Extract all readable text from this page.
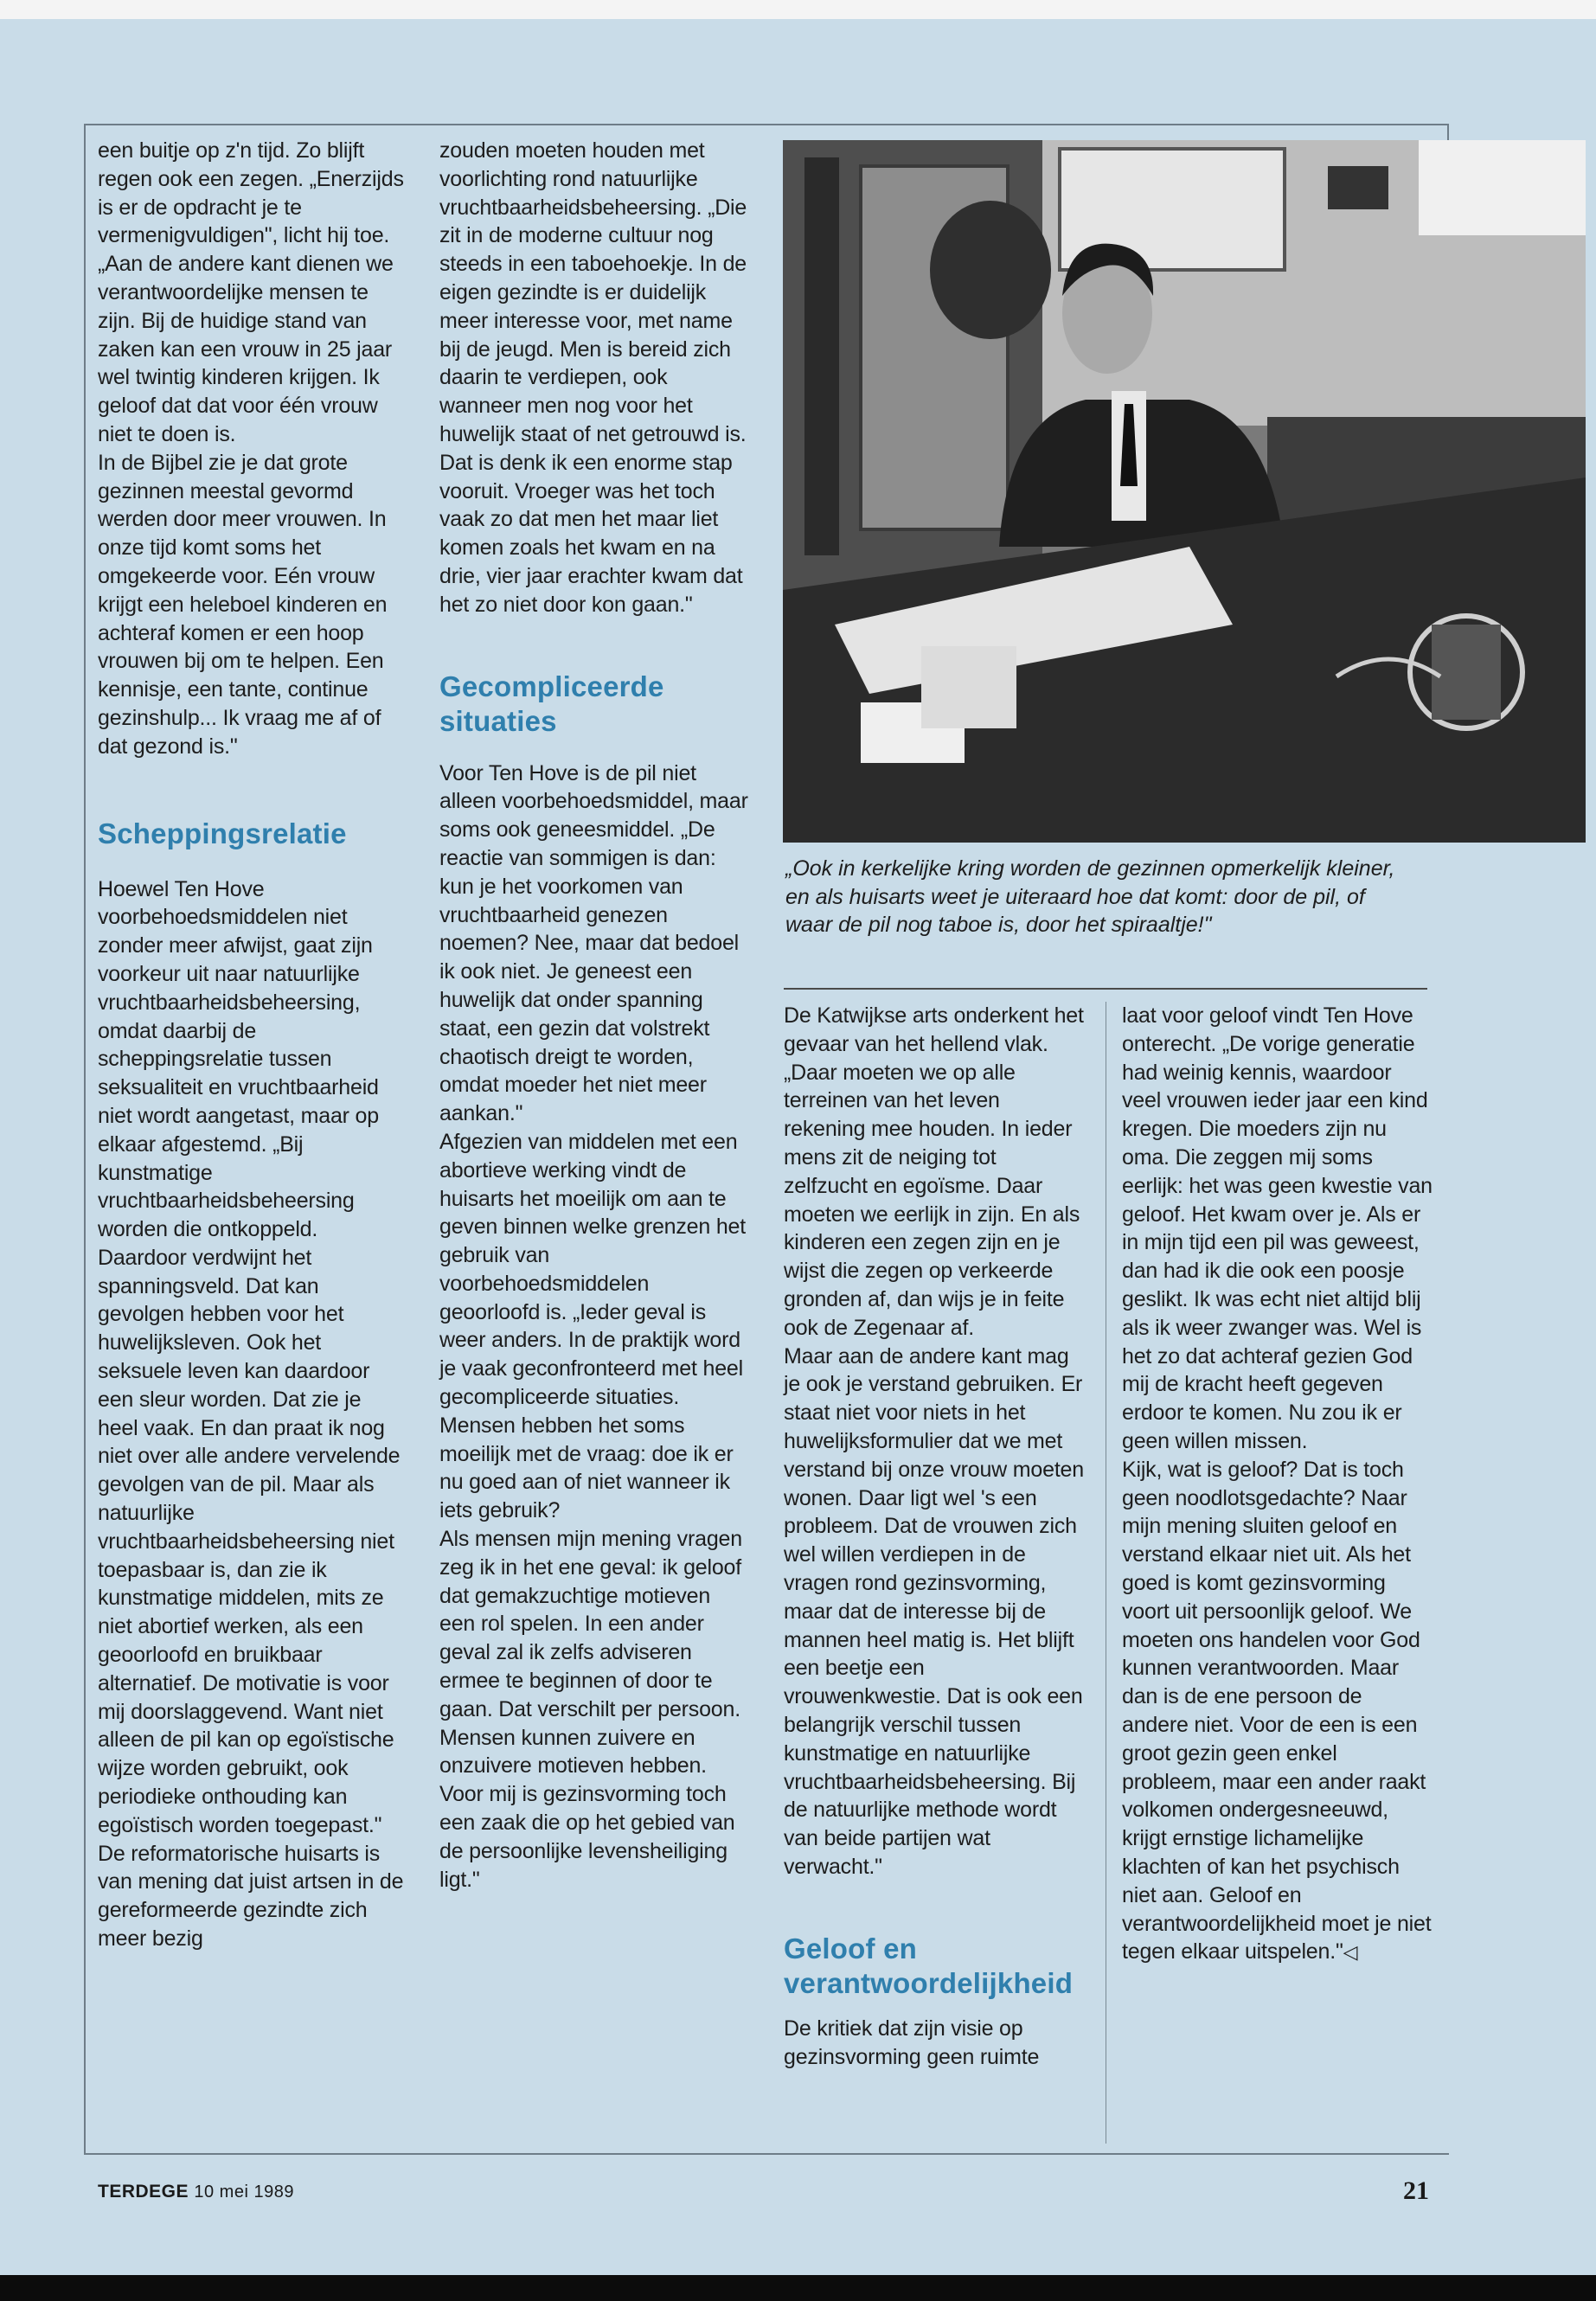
een buitje op z'n tijd. Zo blijft regen ook een zegen. „Enerzijds is er de opdracht je te vermenigvuldigen", licht hij toe. „Aan de andere kant dienen we verantwoordelijke mensen te zijn. Bij de huidige stand van zaken kan een vrouw in 25 jaar wel twintig kinderen krijgen. Ik geloof dat dat voor één vrouw niet te doen is.

In de Bijbel zie je dat grote gezinnen meestal gevormd werden door meer vrouwen. In onze tijd komt soms het omgekeerde voor. Eén vrouw krijgt een heleboel kinderen en achteraf komen er een hoop vrouwen bij om te helpen. Een kennisje, een tante, continue gezinshulp... Ik vraag me af of dat gezond is."

Scheppingsrelatie

Hoewel Ten Hove voorbehoedsmiddelen niet zonder meer afwijst, gaat zijn voorkeur uit naar natuurlijke vruchtbaarheidsbeheersing, omdat daarbij de scheppingsrelatie tussen seksualiteit en vruchtbaarheid niet wordt aangetast, maar op elkaar afgestemd. „Bij kunstmatige vruchtbaarheidsbeheersing worden die ontkoppeld. Daardoor verdwijnt het spanningsveld. Dat kan gevolgen hebben voor het huwelijksleven. Ook het seksuele leven kan daardoor een sleur worden. Dat zie je heel vaak. En dan praat ik nog niet over alle andere vervelende gevolgen van de pil. Maar als natuurlijke vruchtbaarheidsbeheersing niet toepasbaar is, dan zie ik kunstmatige middelen, mits ze niet abortief werken, als een geoorloofd en bruikbaar alternatief. De motivatie is voor mij doorslaggevend. Want niet alleen de pil kan op egoïstische wijze worden gebruikt, ook periodieke onthouding kan egoïstisch worden toegepast."

De reformatorische huisarts is van mening dat juist artsen in de gereformeerde gezindte zich meer bezig

zouden moeten houden met voorlichting rond natuurlijke vruchtbaarheidsbeheersing. „Die zit in de moderne cultuur nog steeds in een taboehoekje. In de eigen gezindte is er duidelijk meer interesse voor, met name bij de jeugd. Men is bereid zich daarin te verdiepen, ook wanneer men nog voor het huwelijk staat of net getrouwd is. Dat is denk ik een enorme stap vooruit. Vroeger was het toch vaak zo dat men het maar liet komen zoals het kwam en na drie, vier jaar erachter kwam dat het zo niet door kon gaan."

Gecompliceerde situaties

Voor Ten Hove is de pil niet alleen voorbehoedsmiddel, maar soms ook geneesmiddel. „De reactie van sommigen is dan: kun je het voorkomen van vruchtbaarheid genezen noemen? Nee, maar dat bedoel ik ook niet. Je geneest een huwelijk dat onder spanning staat, een gezin dat volstrekt chaotisch dreigt te worden, omdat moeder het niet meer aankan."

Afgezien van middelen met een abortieve werking vindt de huisarts het moeilijk om aan te geven binnen welke grenzen het gebruik van voorbehoedsmiddelen geoorloofd is. „Ieder geval is weer anders. In de praktijk word je vaak geconfronteerd met heel gecompliceerde situaties. Mensen hebben het soms moeilijk met de vraag: doe ik er nu goed aan of niet wanneer ik iets gebruik?

Als mensen mijn mening vragen zeg ik in het ene geval: ik geloof dat gemakzuchtige motieven een rol spelen. In een ander geval zal ik zelfs adviseren ermee te beginnen of door te gaan. Dat verschilt per persoon. Mensen kunnen zuivere en onzuivere motieven hebben. Voor mij is gezinsvorming toch een zaak die op het gebied van de persoonlijke levensheiliging ligt."

„Ook in kerkelijke kring worden de gezinnen opmerkelijk kleiner, en als huisarts weet je uiteraard hoe dat komt: door de pil, of waar de pil nog taboe is, door het spiraaltje!"

De Katwijkse arts onderkent het gevaar van het hellend vlak. „Daar moeten we op alle terreinen van het leven rekening mee houden. In ieder mens zit de neiging tot zelfzucht en egoïsme. Daar moeten we eerlijk in zijn. En als kinderen een zegen zijn en je wijst die zegen op verkeerde gronden af, dan wijs je in feite ook de Zegenaar af.

Maar aan de andere kant mag je ook je verstand gebruiken. Er staat niet voor niets in het huwelijksformulier dat we met verstand bij onze vrouw moeten wonen. Daar ligt wel 's een probleem. Dat de vrouwen zich wel willen verdiepen in de vragen rond gezinsvorming, maar dat de interesse bij de mannen heel matig is. Het blijft een beetje een vrouwenkwestie. Dat is ook een belangrijk verschil tussen kunstmatige en natuurlijke vruchtbaarheidsbeheersing. Bij de natuurlijke methode wordt van beide partijen wat verwacht."

Geloof en verantwoordelijkheid

De kritiek dat zijn visie op gezinsvorming geen ruimte

laat voor geloof vindt Ten Hove onterecht. „De vorige generatie had weinig kennis, waardoor veel vrouwen ieder jaar een kind kregen. Die moeders zijn nu oma. Die zeggen mij soms eerlijk: het was geen kwestie van geloof. Het kwam over je. Als er in mijn tijd een pil was geweest, dan had ik die ook een poosje geslikt. Ik was echt niet altijd blij als ik weer zwanger was. Wel is het zo dat achteraf gezien God mij de kracht heeft gegeven erdoor te komen. Nu zou ik er geen willen missen.

Kijk, wat is geloof? Dat is toch geen noodlotsgedachte? Naar mijn mening sluiten geloof en verstand elkaar niet uit. Als het goed is komt gezinsvorming voort uit persoonlijk geloof. We moeten ons handelen voor God kunnen verantwoorden. Maar dan is de ene persoon de andere niet. Voor de een is een groot gezin geen enkel probleem, maar een ander raakt volkomen ondergesneeuwd, krijgt ernstige lichamelijke klachten of kan het psychisch niet aan. Geloof en verantwoordelijkheid moet je niet tegen elkaar uitspelen."◁

TERDEGE 10 mei 1989	21
